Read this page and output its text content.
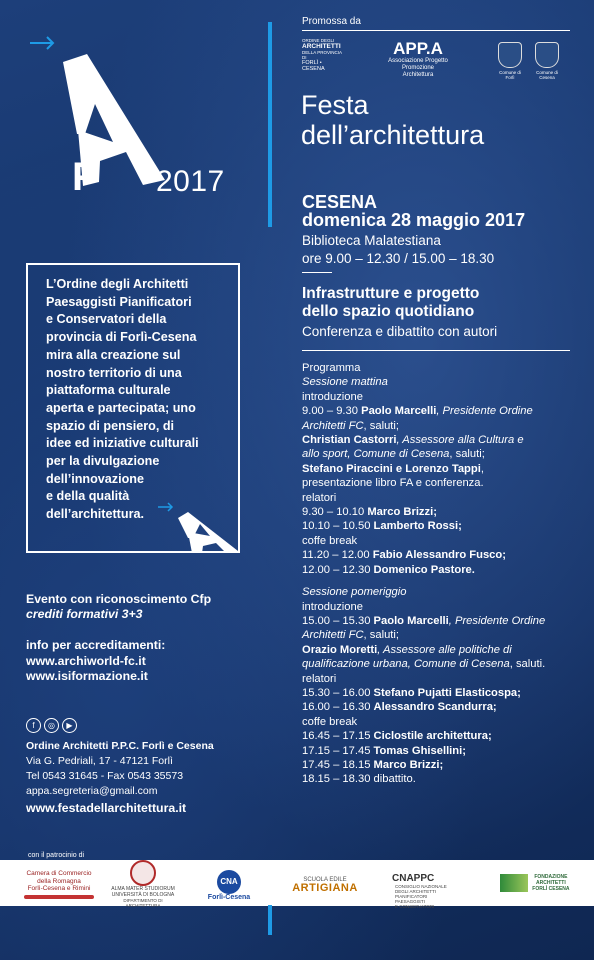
F 2017
Promossa da
ORDINE DEGLI
ARCHITETTI
DELLA PROVINCIA DI
FORLÌ • CESENA
APP.A
Associazione Progetto
Promozione Architettura	Comune di Forlì
Comune di Cesena
Festa
dell’architettura
CESENA
domenica 28 maggio 2017
Biblioteca Malatestiana
ore 9.00 – 12.30 / 15.00 – 18.30
Infrastrutture e progetto
dello spazio quotidiano
Conferenza e dibattito con autori
Programma
Sessione mattina
introduzione
9.00 – 9.30 Paolo Marcelli, Presidente Ordine
Architetti FC, saluti;
Christian Castorri, Assessore alla Cultura e
allo sport, Comune di Cesena, saluti;
Stefano Piraccini e Lorenzo Tappi,
presentazione libro FA e conferenza.
relatori
9.30 – 10.10 Marco Brizzi;
10.10 – 10.50 Lamberto Rossi;
coffe break
11.20 – 12.00 Fabio Alessandro Fusco;
12.00 – 12.30 Domenico Pastore.
Sessione pomeriggio
introduzione
15.00 – 15.30 Paolo Marcelli, Presidente Ordine
Architetti FC, saluti;
Orazio Moretti, Assessore alle politiche di
qualificazione urbana, Comune di Cesena, saluti.
relatori
15.30 – 16.00 Stefano Pujatti Elasticospa;
16.00 – 16.30 Alessandro Scandurra;
coffe break
16.45 – 17.15 Ciclostile architettura;
17.15 – 17.45 Tomas Ghisellini;
17.45 – 18.15 Marco Brizzi;
18.15 – 18.30 dibattito.
L’Ordine degli Architetti
Paesaggisti Pianificatori
e Conservatori della
provincia di Forlì-Cesena
mira alla creazione sul
nostro territorio di una
piattaforma culturale
aperta e partecipata; uno
spazio di pensiero, di
idee ed iniziative culturali
per la divulgazione
dell’innovazione
e della qualità
dell’architettura.
Evento con riconoscimento Cfp
crediti formativi 3+3
info per accreditamenti:
www.archiworld-fc.it
www.isiformazione.it
f ◎ ▶
Ordine Architetti P.P.C. Forlì e Cesena
Via G. Pedriali, 17 - 47121 Forlì
Tel 0543 31645 - Fax 0543 35573
appa.segreteria@gmail.com
www.festadellarchitettura.it
con il patrocinio di
Camera di Commercio
della Romagna
Forlì-Cesena e Rimini	ALMA MATER STUDIORUM
UNIVERSITÀ DI BOLOGNA
DIPARTIMENTO DI ARCHITETTURA
CNA Forlì-Cesena
SCUOLA EDILE ARTIGIANA
CNAPPC
CONSIGLIO NAZIONALE
DEGLI ARCHITETTI
PIANIFICATORI
PAESAGGISTI
E CONSERVATORI

FONDAZIONE
ARCHITETTI
FORLÌ CESENA
